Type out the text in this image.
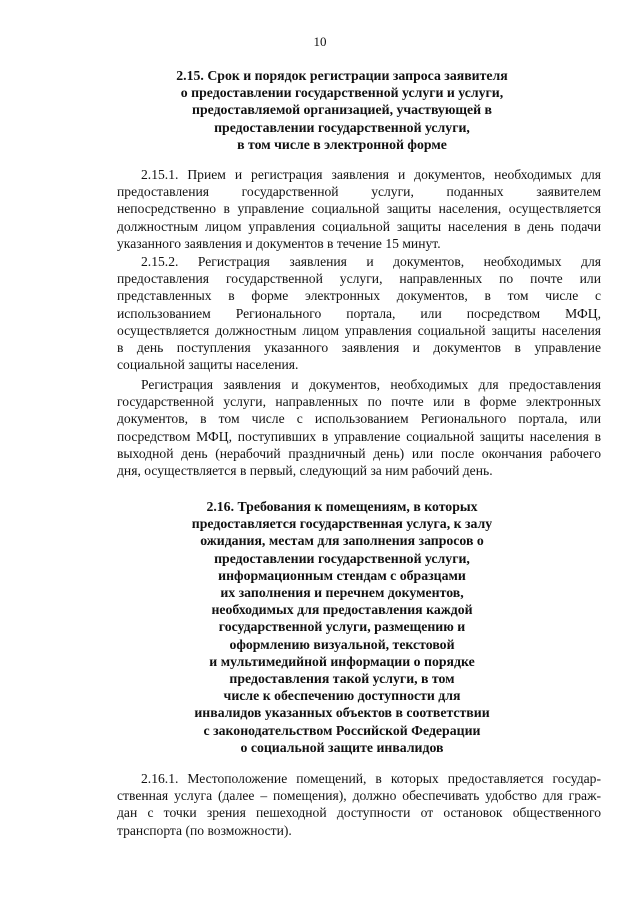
10
2.15. Срок и порядок регистрации запроса заявителя
о предоставлении государственной услуги и услуги,
предоставляемой организацией, участвующей в
предоставлении государственной услуги,
в том числе в электронной форме
2.15.1. Прием и регистрация заявления и документов, необходимых для
предоставления государственной услуги, поданных заявителем
непосредственно в управление социальной защиты населения, осуществляется
должностным лицом управления социальной защиты населения в день подачи
указанного заявления и документов в течение 15 минут.
2.15.2. Регистрация заявления и документов, необходимых для
предоставления государственной услуги, направленных по почте или
представленных в форме электронных документов, в том числе с
использованием Регионального портала, или посредством МФЦ,
осуществляется должностным лицом управления социальной защиты населения
в день поступления указанного заявления и документов в управление
социальной защиты населения.
Регистрация заявления и документов, необходимых для предоставления
государственной услуги, направленных по почте или в форме электронных
документов, в том числе с использованием Регионального портала, или
посредством МФЦ, поступивших в управление социальной защиты населения в
выходной день (нерабочий праздничный день) или после окончания рабочего
дня, осуществляется в первый, следующий за ним рабочий день.
2.16. Требования к помещениям, в которых
предоставляется государственная услуга, к залу
ожидания, местам для заполнения запросов о
предоставлении государственной услуги,
информационным стендам с образцами
их заполнения и перечнем документов,
необходимых для предоставления каждой
государственной услуги, размещению и
оформлению визуальной, текстовой
и мультимедийной информации о порядке
предоставления такой услуги, в том
числе к обеспечению доступности для
инвалидов указанных объектов в соответствии
с законодательством Российской Федерации
о социальной защите инвалидов
2.16.1. Местоположение помещений, в которых предоставляется государ-
ственная услуга (далее – помещения), должно обеспечивать удобство для граж-
дан с точки зрения пешеходной доступности от остановок общественного
транспорта (по возможности).
